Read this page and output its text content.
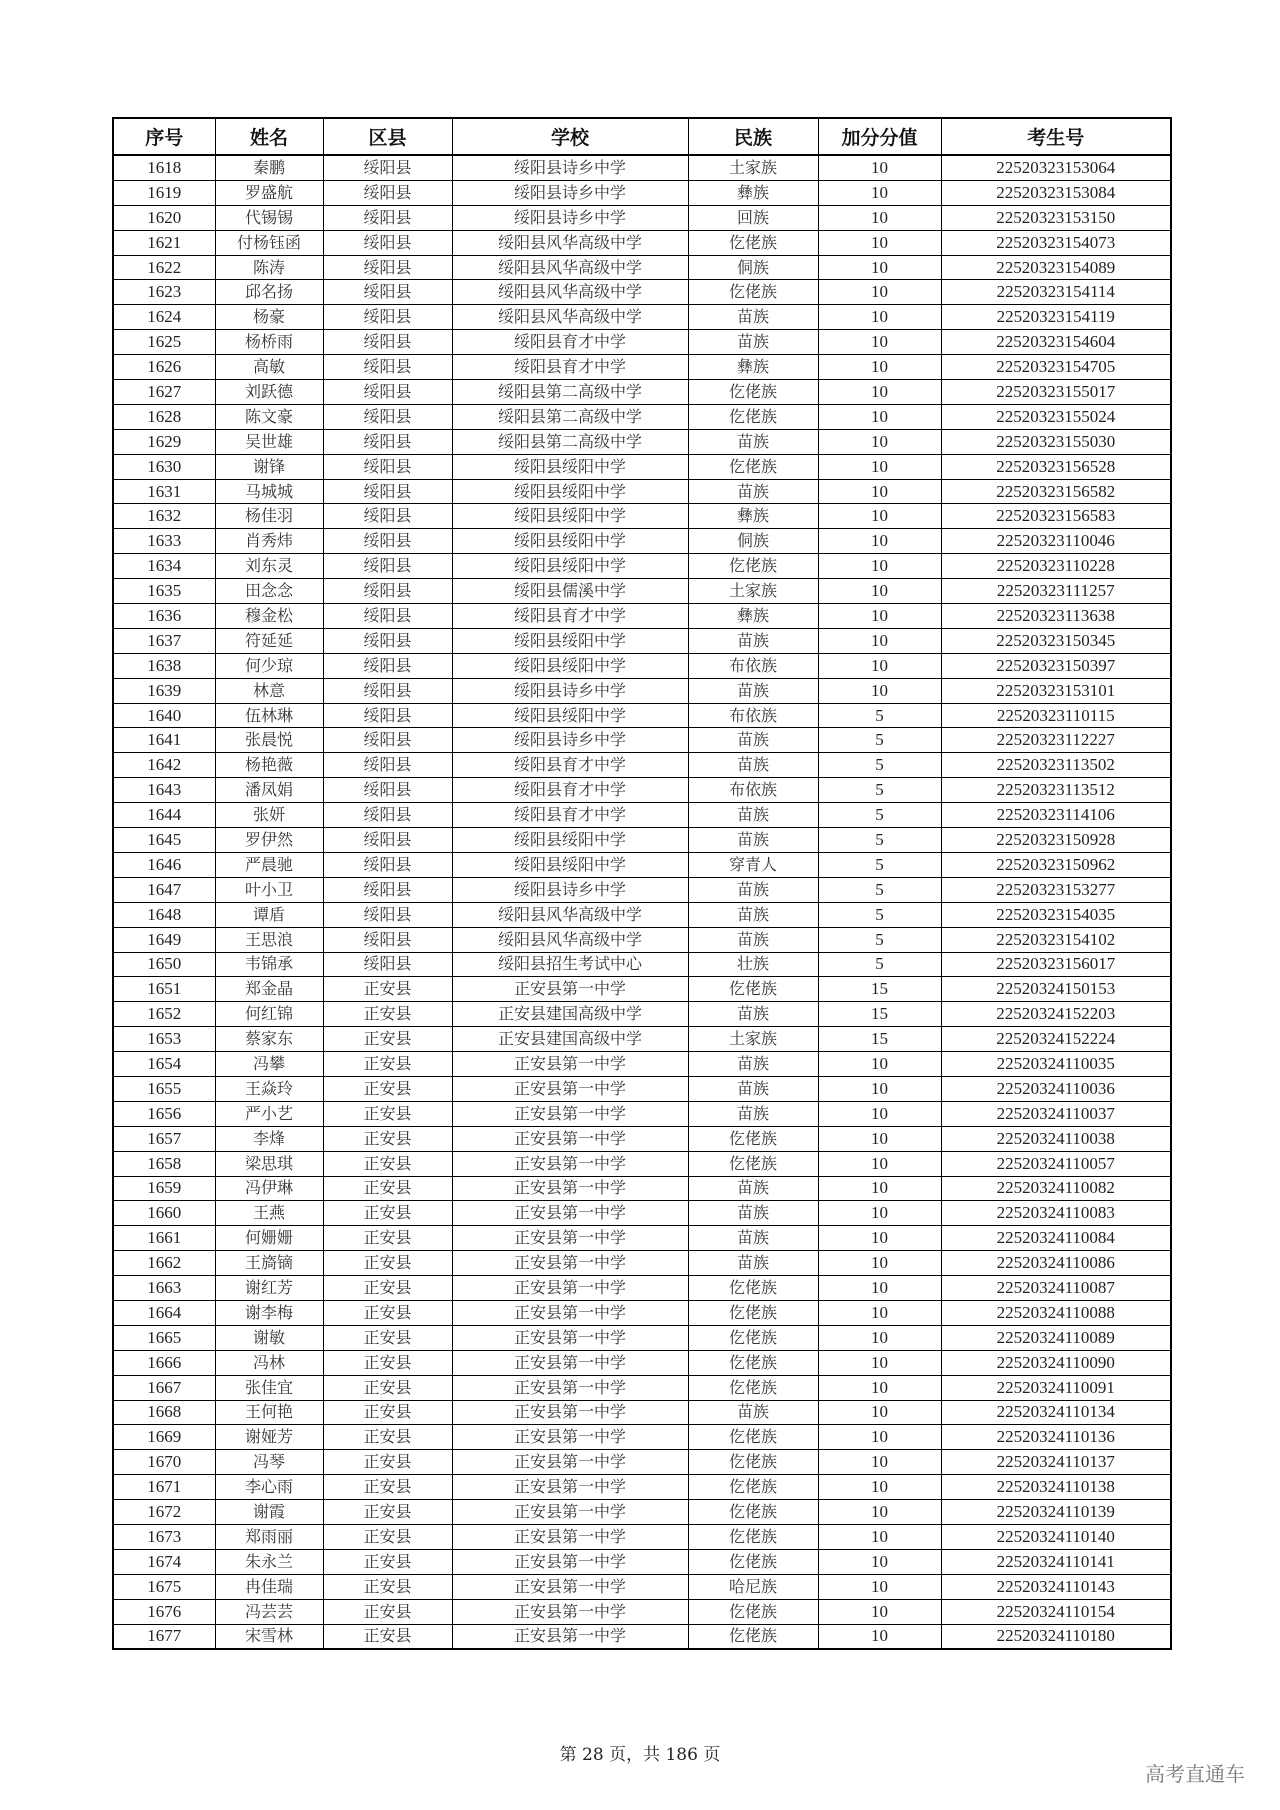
序号	姓名	区县	学校	民族	加分分值	考生号
1618	秦鹏	绥阳县	绥阳县诗乡中学	土家族	10	22520323153064
1619	罗盛航	绥阳县	绥阳县诗乡中学	彝族	10	22520323153084
1620	代锡锡	绥阳县	绥阳县诗乡中学	回族	10	22520323153150
1621	付杨钰函	绥阳县	绥阳县风华高级中学	仡佬族	10	22520323154073
1622	陈涛	绥阳县	绥阳县风华高级中学	侗族	10	22520323154089
1623	邱名扬	绥阳县	绥阳县风华高级中学	仡佬族	10	22520323154114
1624	杨豪	绥阳县	绥阳县风华高级中学	苗族	10	22520323154119
1625	杨桥雨	绥阳县	绥阳县育才中学	苗族	10	22520323154604
1626	高敏	绥阳县	绥阳县育才中学	彝族	10	22520323154705
1627	刘跃德	绥阳县	绥阳县第二高级中学	仡佬族	10	22520323155017
1628	陈文豪	绥阳县	绥阳县第二高级中学	仡佬族	10	22520323155024
1629	吴世雄	绥阳县	绥阳县第二高级中学	苗族	10	22520323155030
1630	谢锋	绥阳县	绥阳县绥阳中学	仡佬族	10	22520323156528
1631	马城城	绥阳县	绥阳县绥阳中学	苗族	10	22520323156582
1632	杨佳羽	绥阳县	绥阳县绥阳中学	彝族	10	22520323156583
1633	肖秀炜	绥阳县	绥阳县绥阳中学	侗族	10	22520323110046
1634	刘东灵	绥阳县	绥阳县绥阳中学	仡佬族	10	22520323110228
1635	田念念	绥阳县	绥阳县儒溪中学	土家族	10	22520323111257
1636	穆金松	绥阳县	绥阳县育才中学	彝族	10	22520323113638
1637	符延延	绥阳县	绥阳县绥阳中学	苗族	10	22520323150345
1638	何少琼	绥阳县	绥阳县绥阳中学	布依族	10	22520323150397
1639	林意	绥阳县	绥阳县诗乡中学	苗族	10	22520323153101
1640	伍林琳	绥阳县	绥阳县绥阳中学	布依族	5	22520323110115
1641	张晨悦	绥阳县	绥阳县诗乡中学	苗族	5	22520323112227
1642	杨艳薇	绥阳县	绥阳县育才中学	苗族	5	22520323113502
1643	潘凤娟	绥阳县	绥阳县育才中学	布依族	5	22520323113512
1644	张妍	绥阳县	绥阳县育才中学	苗族	5	22520323114106
1645	罗伊然	绥阳县	绥阳县绥阳中学	苗族	5	22520323150928
1646	严晨驰	绥阳县	绥阳县绥阳中学	穿青人	5	22520323150962
1647	叶小卫	绥阳县	绥阳县诗乡中学	苗族	5	22520323153277
1648	谭盾	绥阳县	绥阳县风华高级中学	苗族	5	22520323154035
1649	王思浪	绥阳县	绥阳县风华高级中学	苗族	5	22520323154102
1650	韦锦承	绥阳县	绥阳县招生考试中心	壮族	5	22520323156017
1651	郑金晶	正安县	正安县第一中学	仡佬族	15	22520324150153
1652	何红锦	正安县	正安县建国高级中学	苗族	15	22520324152203
1653	蔡家东	正安县	正安县建国高级中学	土家族	15	22520324152224
1654	冯攀	正安县	正安县第一中学	苗族	10	22520324110035
1655	王焱玲	正安县	正安县第一中学	苗族	10	22520324110036
1656	严小艺	正安县	正安县第一中学	苗族	10	22520324110037
1657	李烽	正安县	正安县第一中学	仡佬族	10	22520324110038
1658	梁思琪	正安县	正安县第一中学	仡佬族	10	22520324110057
1659	冯伊琳	正安县	正安县第一中学	苗族	10	22520324110082
1660	王燕	正安县	正安县第一中学	苗族	10	22520324110083
1661	何姗姗	正安县	正安县第一中学	苗族	10	22520324110084
1662	王旖镝	正安县	正安县第一中学	苗族	10	22520324110086
1663	谢红芳	正安县	正安县第一中学	仡佬族	10	22520324110087
1664	谢李梅	正安县	正安县第一中学	仡佬族	10	22520324110088
1665	谢敏	正安县	正安县第一中学	仡佬族	10	22520324110089
1666	冯林	正安县	正安县第一中学	仡佬族	10	22520324110090
1667	张佳宜	正安县	正安县第一中学	仡佬族	10	22520324110091
1668	王何艳	正安县	正安县第一中学	苗族	10	22520324110134
1669	谢娅芳	正安县	正安县第一中学	仡佬族	10	22520324110136
1670	冯琴	正安县	正安县第一中学	仡佬族	10	22520324110137
1671	李心雨	正安县	正安县第一中学	仡佬族	10	22520324110138
1672	谢霞	正安县	正安县第一中学	仡佬族	10	22520324110139
1673	郑雨丽	正安县	正安县第一中学	仡佬族	10	22520324110140
1674	朱永兰	正安县	正安县第一中学	仡佬族	10	22520324110141
1675	冉佳瑞	正安县	正安县第一中学	哈尼族	10	22520324110143
1676	冯芸芸	正安县	正安县第一中学	仡佬族	10	22520324110154
1677	宋雪林	正安县	正安县第一中学	仡佬族	10	22520324110180
第 28 页，共 186 页
高考直通车
